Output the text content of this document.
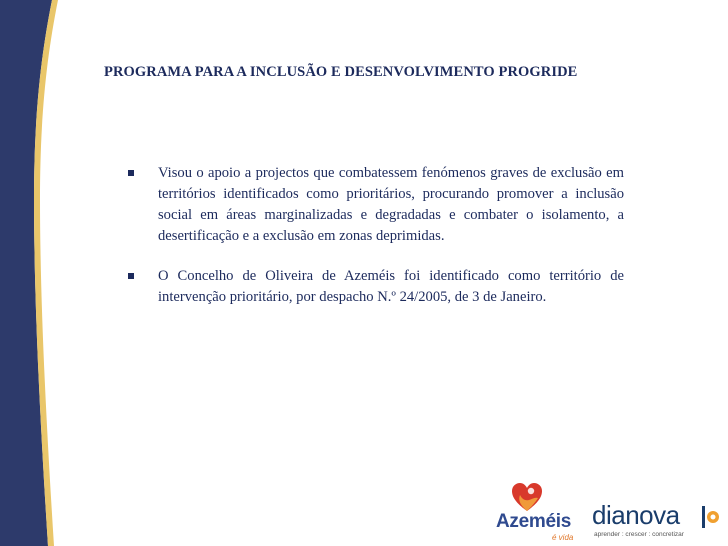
PROGRAMA PARA A INCLUSÃO E DESENVOLVIMENTO PROGRIDE
Visou o apoio a projectos que combatessem fenómenos graves de exclusão em territórios identificados como prioritários, procurando promover a inclusão social em áreas marginalizadas e degradadas e combater o isolamento, a desertificação e a exclusão em zonas deprimidas.
O Concelho de Oliveira de Azeméis foi identificado como território de intervenção prioritário, por despacho N.º 24/2005, de 3 de Janeiro.
Azeméis
é vida
dianova
aprender : crescer : concretizar
